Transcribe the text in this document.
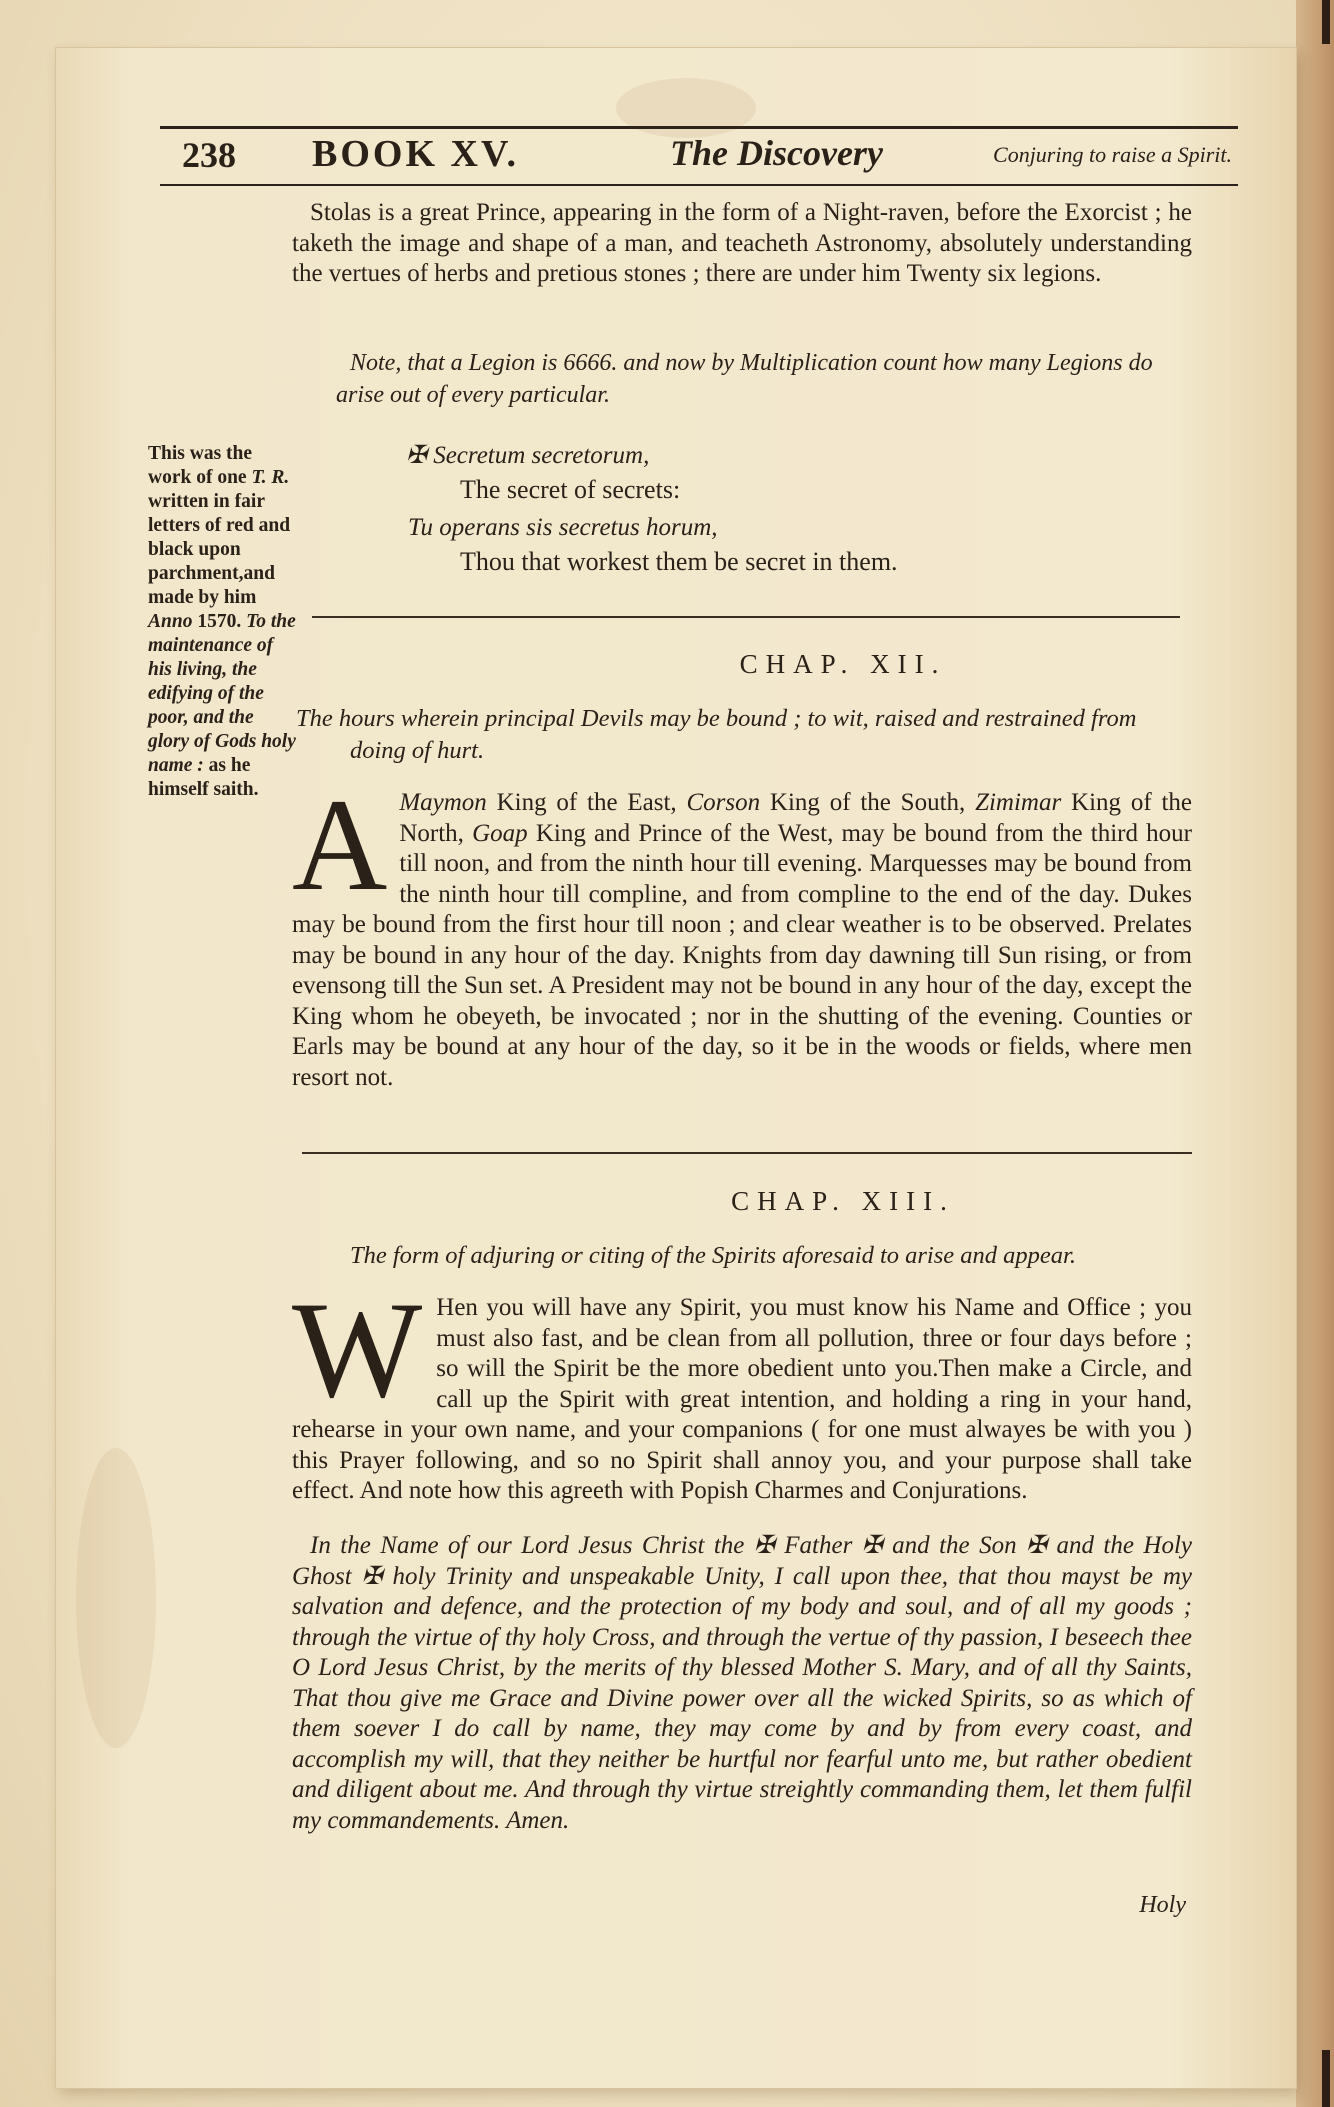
238 BOOK XV.	The Discovery	Conjuring to raise a Spirit.
Stolas is a great Prince, appearing in the form of a Night-raven, before the Exorcist ; he taketh the image and shape of a man, and teacheth Astronomy, absolutely understanding the vertues of herbs and pretious stones ; there are under him Twenty six legions.
Note, that a Legion is 6666. and now by Multiplication count how many Legions do arise out of every particular.
✠ Secretum secretorum,
The secret of secrets:
Tu operans sis secretus horum,
Thou that workest them be secret in them.
This was the work of one T. R. written in fair letters of red and black upon parchment,and made by him Anno 1570. To the maintenance of his living, the edifying of the poor, and the glory of Gods holy name : as he himself saith.
CHAP. XII.
The hours wherein principal Devils may be bound ; to wit, raised and restrained from
doing of hurt.
A Maymon King of the East, Corson King of the South, Zimimar King of the North, Goap King and Prince of the West, may be bound from the third hour till noon, and from the ninth hour till evening. Marquesses may be bound from the ninth hour till compline, and from compline to the end of the day. Dukes may be bound from the first hour till noon ; and clear weather is to be observed. Prelates may be bound in any hour of the day. Knights from day dawning till Sun rising, or from evensong till the Sun set. A President may not be bound in any hour of the day, except the King whom he obeyeth, be invocated ; nor in the shutting of the evening. Counties or Earls may be bound at any hour of the day, so it be in the woods or fields, where men resort not.
CHAP. XIII.
The form of adjuring or citing of the Spirits aforesaid to arise and appear.
W Hen you will have any Spirit, you must know his Name and Office ; you must also fast, and be clean from all pollution, three or four days before ; so will the Spirit be the more obedient unto you.Then make a Circle, and call up the Spirit with great intention, and holding a ring in your hand, rehearse in your own name, and your companions ( for one must alwayes be with you ) this Prayer following, and so no Spirit shall annoy you, and your purpose shall take effect. And note how this agreeth with Popish Charmes and Conjurations.
In the Name of our Lord Jesus Christ the ✠ Father ✠ and the Son ✠ and the Holy Ghost ✠ holy Trinity and unspeakable Unity, I call upon thee, that thou mayst be my salvation and defence, and the protection of my body and soul, and of all my goods ; through the virtue of thy holy Cross, and through the vertue of thy passion, I beseech thee O Lord Jesus Christ, by the merits of thy blessed Mother S. Mary, and of all thy Saints, That thou give me Grace and Divine power over all the wicked Spirits, so as which of them soever I do call by name, they may come by and by from every coast, and accomplish my will, that they neither be hurtful nor fearful unto me, but rather obedient and diligent about me. And through thy virtue streightly commanding them, let them fulfil my commandements. Amen.
Holy
